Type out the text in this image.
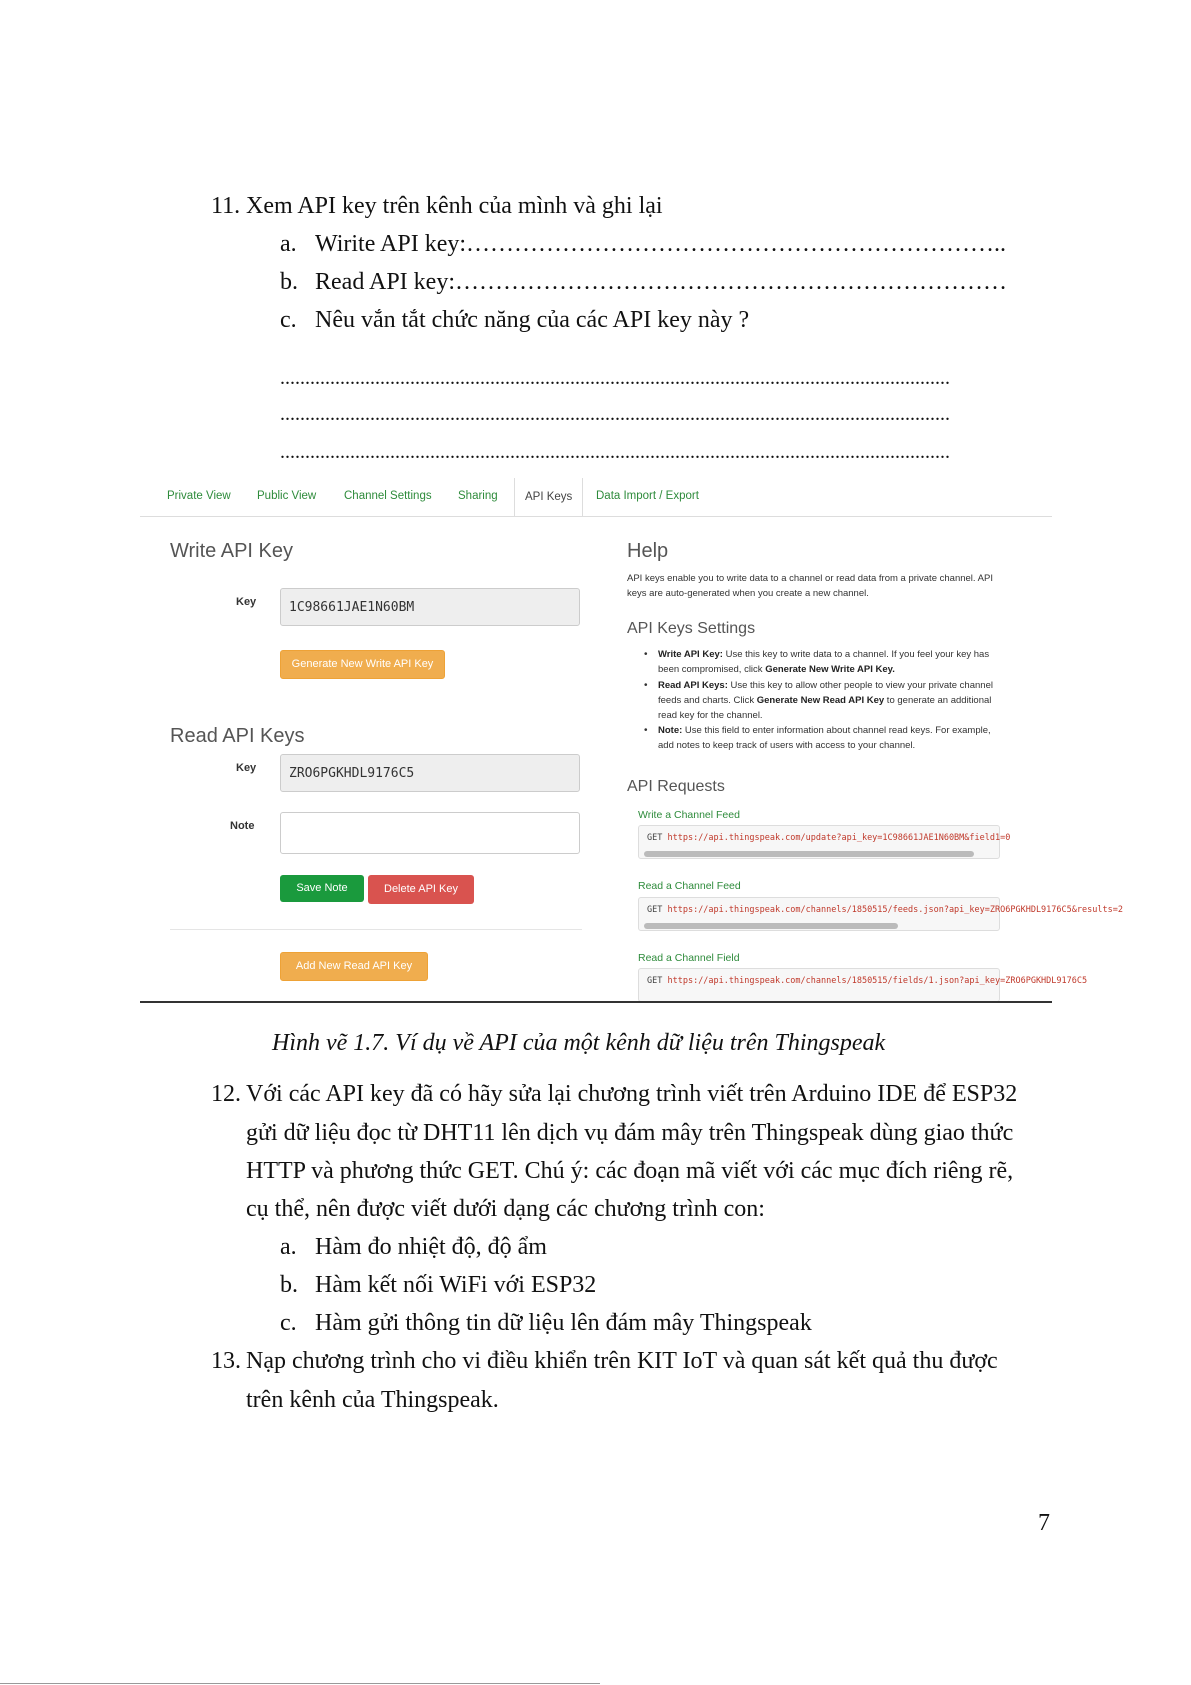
11. Xem API key trên kênh của mình và ghi lại
a. Wirite API key:…………………………………………………………..
b. Read API key:……………………………………………………………
c. Nêu vắn tắt chức năng của các API key này ?
......................................................................................................................................
......................................................................................................................................
......................................................................................................................................
Private View Public View Channel Settings Sharing	API Keys	Data Import / Export
Write API Key
Key	1C98661JAE1N60BM
Generate New Write API Key
Read API Keys
Key	ZRO6PGKHDL9176C5
Note
Save Note	Delete API Key
Add New Read API Key
Help
API keys enable you to write data to a channel or read data from a private channel. API
keys are auto-generated when you create a new channel.
API Keys Settings
• Write API Key: Use this key to write data to a channel. If you feel your key has
been compromised, click Generate New Write API Key.
• Read API Keys: Use this key to allow other people to view your private channel
feeds and charts. Click Generate New Read API Key to generate an additional
read key for the channel.
• Note: Use this field to enter information about channel read keys. For example,
add notes to keep track of users with access to your channel.
API Requests
Write a Channel Feed
GET https://api.thingspeak.com/update?api_key=1C98661JAE1N60BM&field1=0
Read a Channel Feed
GET https://api.thingspeak.com/channels/1850515/feeds.json?api_key=ZRO6PGKHDL9176C5&results=2
Read a Channel Field
GET https://api.thingspeak.com/channels/1850515/fields/1.json?api_key=ZRO6PGKHDL9176C5
Hình vẽ 1.7. Ví dụ về API của một kênh dữ liệu trên Thingspeak
12. Với các API key đã có hãy sửa lại chương trình viết trên Arduino IDE để ESP32
gửi dữ liệu đọc từ DHT11 lên dịch vụ đám mây trên Thingspeak dùng giao thức
HTTP và phương thức GET. Chú ý: các đoạn mã viết với các mục đích riêng rẽ,
cụ thể, nên được viết dưới dạng các chương trình con:
a. Hàm đo nhiệt độ, độ ẩm
b. Hàm kết nối WiFi với ESP32
c. Hàm gửi thông tin dữ liệu lên đám mây Thingspeak
13. Nạp chương trình cho vi điều khiển trên KIT IoT và quan sát kết quả thu được
trên kênh của Thingspeak.
7
